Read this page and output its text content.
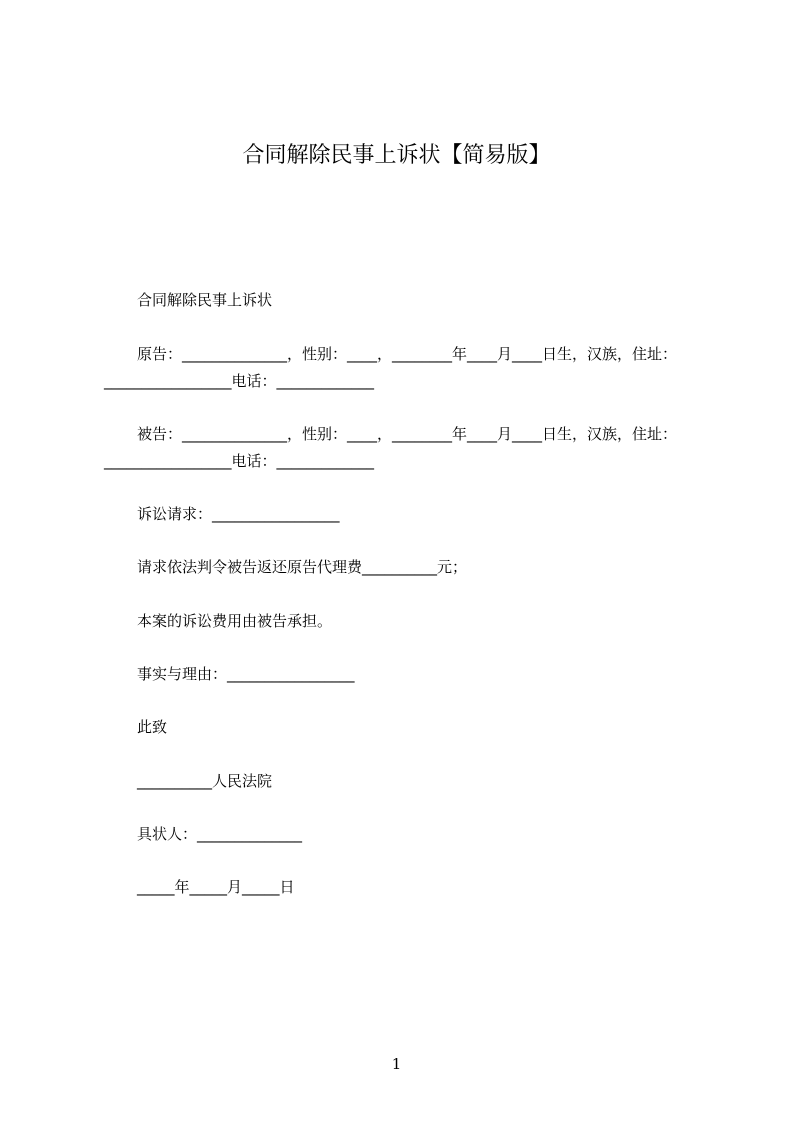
合同解除民事上诉状【简易版】
合同解除民事上诉状
原告：______________，性别：____，________年____月____日生，汉族，住址：
_________________电话：_____________
被告：______________，性别：____，________年____月____日生，汉族，住址：
_________________电话：_____________
诉讼请求：_________________
请求依法判令被告返还原告代理费__________元；
本案的诉讼费用由被告承担。
事实与理由：_________________
此致
__________人民法院
具状人：______________
_____年_____月_____日
1
